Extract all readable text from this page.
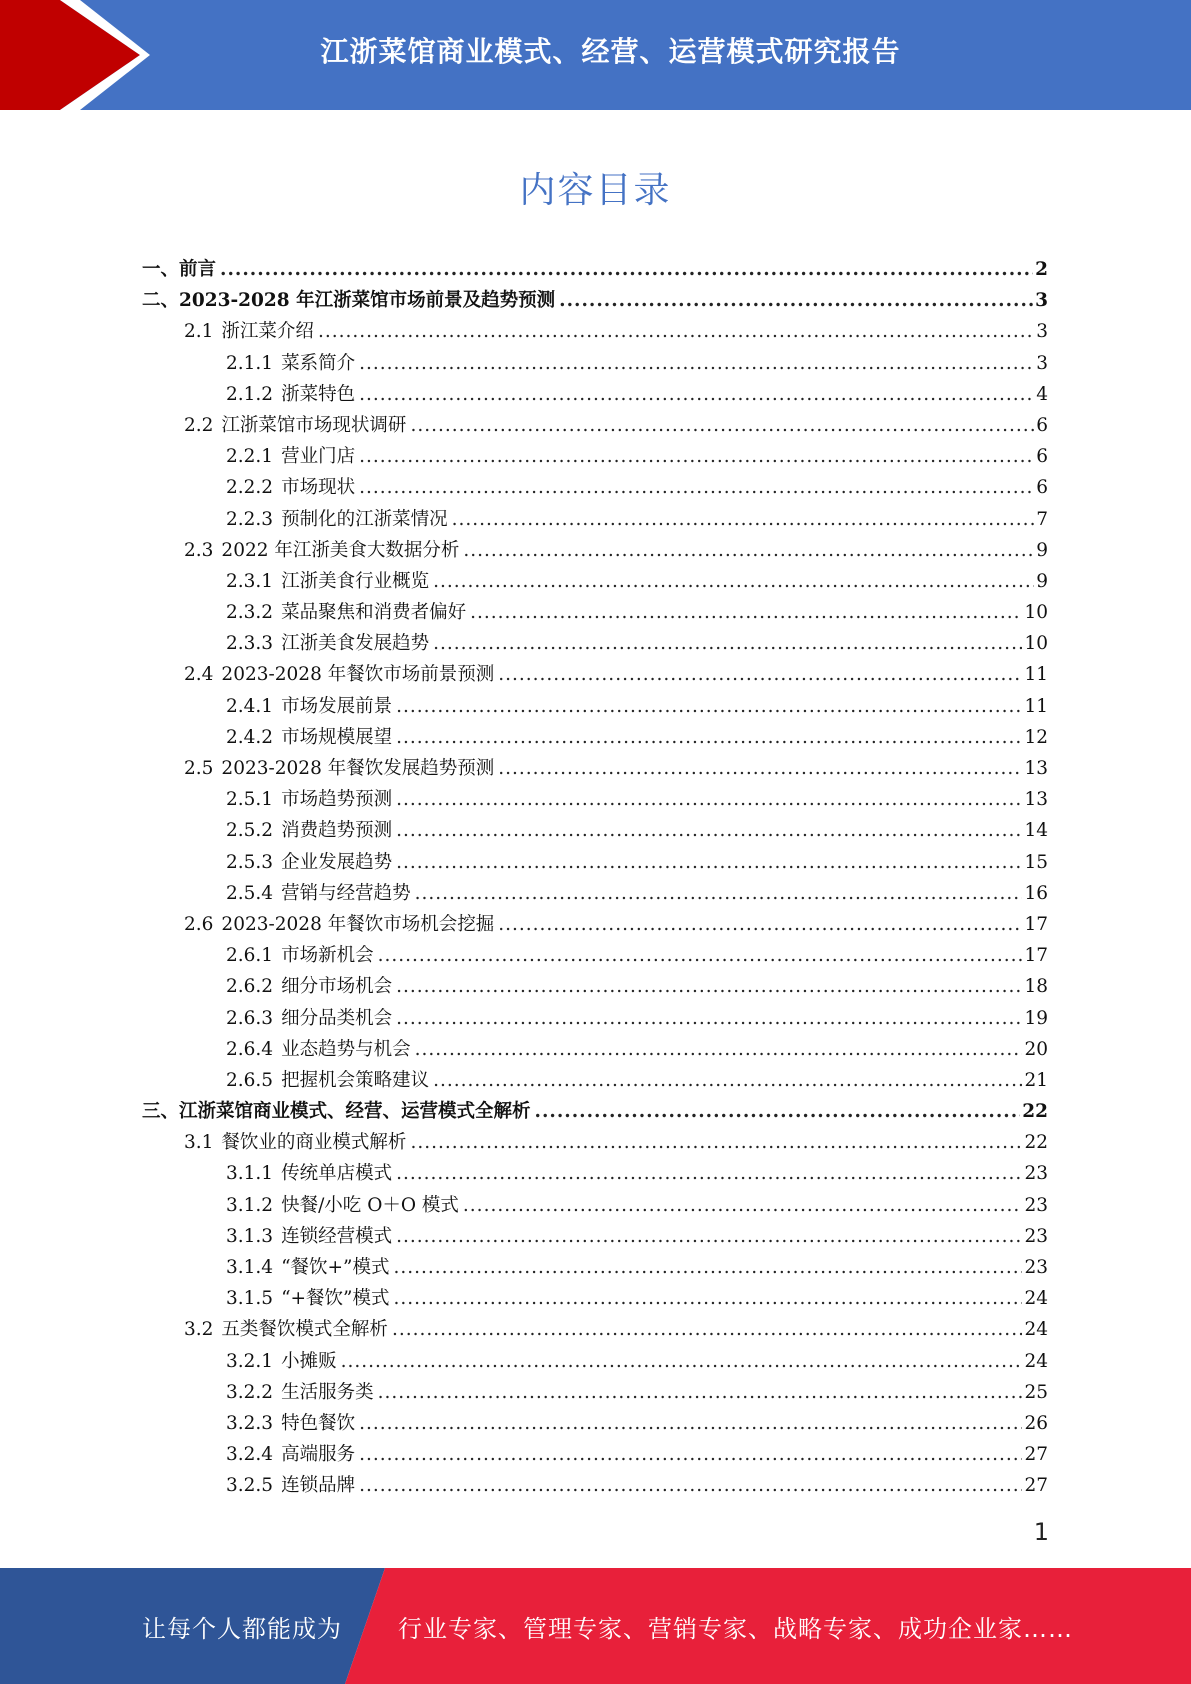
江浙菜馆商业模式、经营、运营模式研究报告
内容目录
一、 前言 .....	2
二、 2023-2028 年江浙菜馆市场前景及趋势预测 .....	3
2.1 浙江菜介绍 .....	3
2.1.1 菜系简介 .....	3
2.1.2 浙菜特色 .....	4
2.2 江浙菜馆市场现状调研 .....	6
2.2.1 营业门店 .....	6
2.2.2 市场现状 .....	6
2.2.3 预制化的江浙菜情况 .....	7
2.3 2022 年江浙美食大数据分析 .....	9
2.3.1 江浙美食行业概览 .....	9
2.3.2 菜品聚焦和消费者偏好 .....	10
2.3.3 江浙美食发展趋势 .....	10
2.4 2023-2028 年餐饮市场前景预测 .....	11
2.4.1 市场发展前景 .....	11
2.4.2 市场规模展望 .....	12
2.5 2023-2028 年餐饮发展趋势预测 .....	13
2.5.1 市场趋势预测 .....	13
2.5.2 消费趋势预测 .....	14
2.5.3 企业发展趋势 .....	15
2.5.4 营销与经营趋势 .....	16
2.6 2023-2028 年餐饮市场机会挖掘 .....	17
2.6.1 市场新机会 .....	17
2.6.2 细分市场机会 .....	18
2.6.3 细分品类机会 .....	19
2.6.4 业态趋势与机会 .....	20
2.6.5 把握机会策略建议 .....	21
三、 江浙菜馆商业模式、经营、运营模式全解析 .....	22
3.1 餐饮业的商业模式解析 .....	22
3.1.1 传统单店模式 .....	23
3.1.2 快餐/小吃 O＋O 模式 .....	23
3.1.3 连锁经营模式 .....	23
3.1.4 “餐饮+”模式 .....	23
3.1.5 “+餐饮”模式 .....	24
3.2 五类餐饮模式全解析 .....	24
3.2.1 小摊贩 .....	24
3.2.2 生活服务类 .....	25
3.2.3 特色餐饮 .....	26
3.2.4 高端服务 .....	27
3.2.5 连锁品牌 .....	27
1
让每个人都能成为 行业专家、管理专家、营销专家、战略专家、成功企业家……
